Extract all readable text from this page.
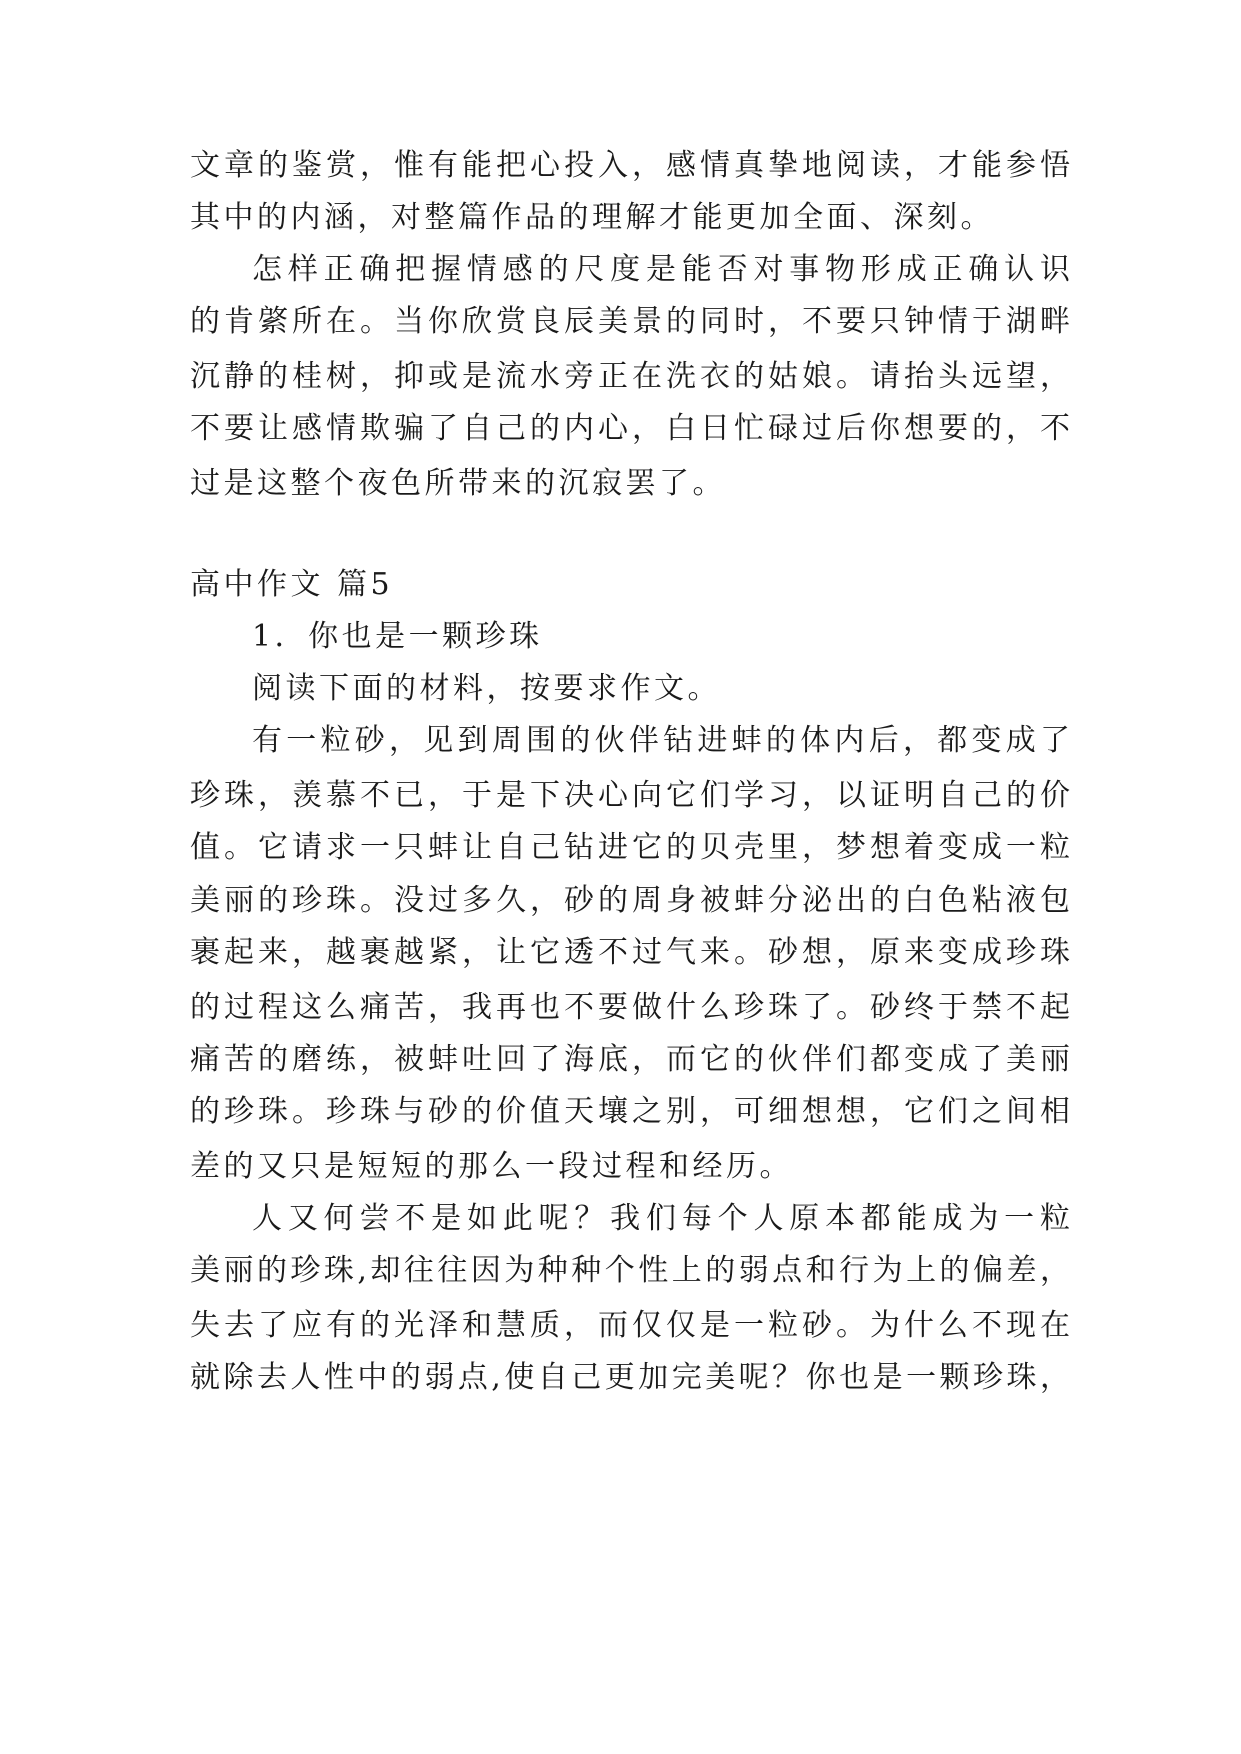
文章的鉴赏，惟有能把心投入，感情真挚地阅读，才能参悟
其中的内涵，对整篇作品的理解才能更加全面、深刻。
怎样正确把握情感的尺度是能否对事物形成正确认识
的肯綮所在。当你欣赏良辰美景的同时，不要只钟情于湖畔
沉静的桂树，抑或是流水旁正在洗衣的姑娘。请抬头远望，
不要让感情欺骗了自己的内心，白日忙碌过后你想要的，不
过是这整个夜色所带来的沉寂罢了。
高中作文 篇5
1．你也是一颗珍珠
阅读下面的材料，按要求作文。
有一粒砂，见到周围的伙伴钻进蚌的体内后，都变成了
珍珠，羡慕不已，于是下决心向它们学习，以证明自己的价
值。它请求一只蚌让自己钻进它的贝壳里，梦想着变成一粒
美丽的珍珠。没过多久，砂的周身被蚌分泌出的白色粘液包
裹起来，越裹越紧，让它透不过气来。砂想，原来变成珍珠
的过程这么痛苦，我再也不要做什么珍珠了。砂终于禁不起
痛苦的磨练，被蚌吐回了海底，而它的伙伴们都变成了美丽
的珍珠。珍珠与砂的价值天壤之别，可细想想，它们之间相
差的又只是短短的那么一段过程和经历。
人又何尝不是如此呢？我们每个人原本都能成为一粒
美丽的珍珠,却往往因为种种个性上的弱点和行为上的偏差，
失去了应有的光泽和慧质，而仅仅是一粒砂。为什么不现在
就除去人性中的弱点,使自己更加完美呢？你也是一颗珍珠，
